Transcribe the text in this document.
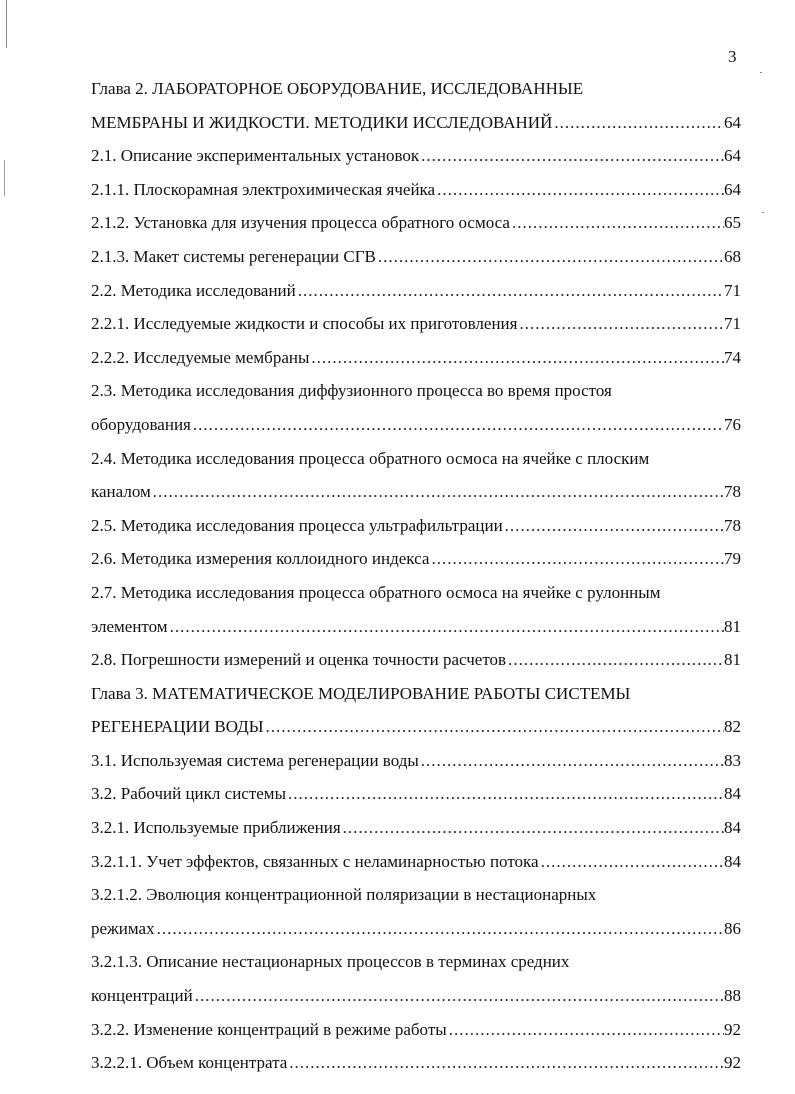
3
Глава 2. ЛАБОРАТОРНОЕ ОБОРУДОВАНИЕ, ИССЛЕДОВАННЫЕ
МЕМБРАНЫ И ЖИДКОСТИ. МЕТОДИКИ ИССЛЕДОВАНИЙ .....	64
2.1. Описание экспериментальных установок .....	64
2.1.1. Плоскорамная электрохимическая ячейка .....	64
2.1.2. Установка для изучения процесса обратного осмоса .....	65
2.1.3. Макет системы регенерации СГВ .....	68
2.2. Методика исследований .....	71
2.2.1. Исследуемые жидкости и способы их приготовления .....	71
2.2.2. Исследуемые мембраны .....	74
2.3. Методика исследования диффузионного процесса во время простоя
оборудования .....	76
2.4. Методика исследования процесса обратного осмоса на ячейке с плоским
каналом .....	78
2.5. Методика исследования процесса ультрафильтрации .....	78
2.6. Методика измерения коллоидного индекса .....	79
2.7. Методика исследования процесса обратного осмоса на ячейке с рулонным
элементом .....	81
2.8. Погрешности измерений и оценка точности расчетов .....	81
Глава 3. МАТЕМАТИЧЕСКОЕ МОДЕЛИРОВАНИЕ РАБОТЫ СИСТЕМЫ
РЕГЕНЕРАЦИИ ВОДЫ .....	82
3.1. Используемая система регенерации воды .....	83
3.2. Рабочий цикл системы .....	84
3.2.1. Используемые приближения .....	84
3.2.1.1. Учет эффектов, связанных с неламинарностью потока .....	84
3.2.1.2. Эволюция концентрационной поляризации в нестационарных
режимах .....	86
3.2.1.3. Описание нестационарных процессов в терминах средних
концентраций .....	88
3.2.2. Изменение концентраций в режиме работы .....	92
3.2.2.1. Объем концентрата .....	92
